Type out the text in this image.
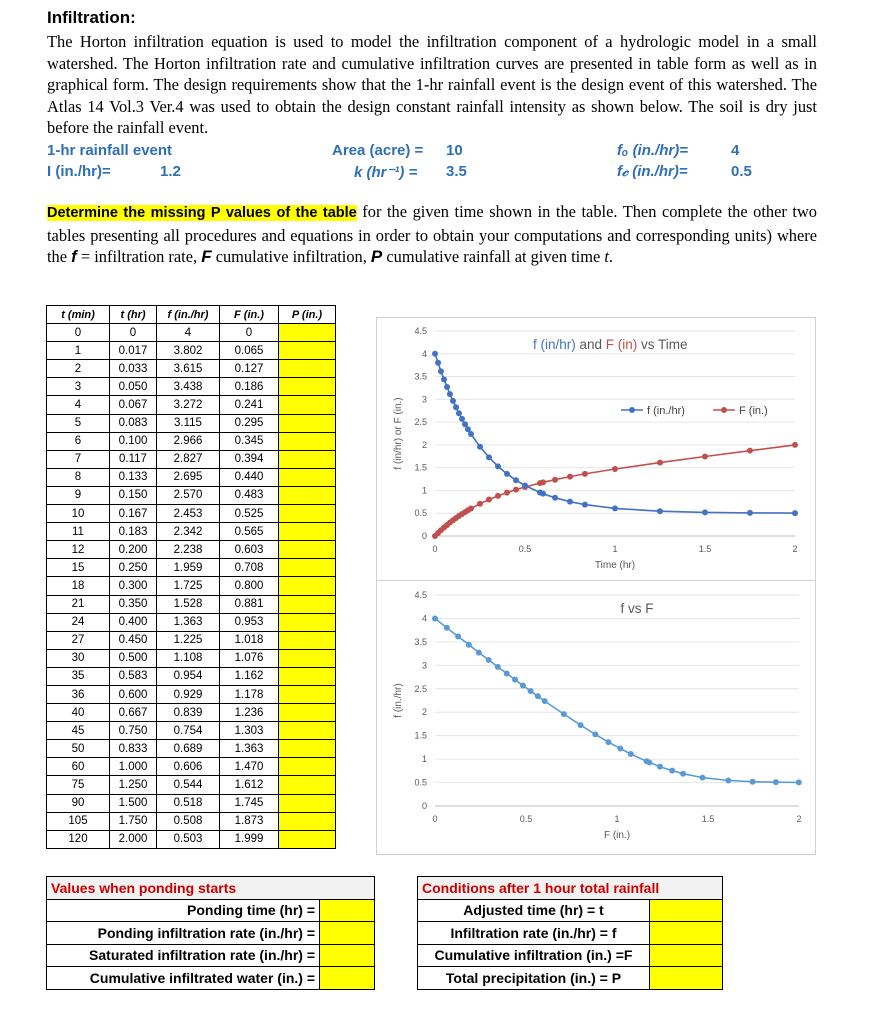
Infiltration:
The Horton infiltration equation is used to model the infiltration component of a hydrologic model in a small watershed. The Horton infiltration rate and cumulative infiltration curves are presented in table form as well as in graphical form. The design requirements show that the 1-hr rainfall event is the design event of this watershed. The Atlas 14 Vol.3 Ver.4 was used to obtain the design constant rainfall intensity as shown below. The soil is dry just before the rainfall event.
1-hr rainfall event
I (in./hr)=	1.2
Area (acre) = 10
k (hr⁻¹) = 3.5
fₒ (in./hr)=	4
f𝒸 (in./hr)=	0.5
Determine the missing P values of the table for the given time shown in the table. Then complete the other two tables presenting all procedures and equations in order to obtain your computations and corresponding units) where the f = infiltration rate, F cumulative infiltration, P cumulative rainfall at given time t.
t (min)	t (hr)	f (in./hr)	F (in.)	P (in.)
0	0	4	0	
1	0.017	3.802	0.065	
2	0.033	3.615	0.127	
3	0.050	3.438	0.186	
4	0.067	3.272	0.241	
5	0.083	3.115	0.295	
6	0.100	2.966	0.345	
7	0.117	2.827	0.394	
8	0.133	2.695	0.440	
9	0.150	2.570	0.483	
10	0.167	2.453	0.525	
11	0.183	2.342	0.565	
12	0.200	2.238	0.603	
15	0.250	1.959	0.708	
18	0.300	1.725	0.800	
21	0.350	1.528	0.881	
24	0.400	1.363	0.953	
27	0.450	1.225	1.018	
30	0.500	1.108	1.076	
35	0.583	0.954	1.162	
36	0.600	0.929	1.178	
40	0.667	0.839	1.236	
45	0.750	0.754	1.303	
50	0.833	0.689	1.363	
60	1.000	0.606	1.470	
75	1.250	0.544	1.612	
90	1.500	0.518	1.745	
105	1.750	0.508	1.873	
120	2.000	0.503	1.999	
0
0.5
1
1.5
2
2.5
3
3.5
4
4.5
0	0.5	1	1.5	2
Time (hr)
f (in/hr) or F (in.)
f (in/hr) and F (in) vs Time
f (in./hr)	F (in.)
0
0.5
1
1.5
2
2.5
3
3.5
4
4.5
0	0.5	1	1.5	2
F (in.)
f (in./hr)
f vs F
Values when ponding starts	
Ponding time (hr) =	
Ponding infiltration rate (in./hr) =	
Saturated infiltration rate (in./hr) =	
Cumulative infiltrated water (in.) =	
Conditions after 1 hour total rainfall	
Adjusted time (hr) = t	
Infiltration rate (in./hr) = f	
Cumulative infiltration (in.) =F	
Total precipitation (in.) = P	
